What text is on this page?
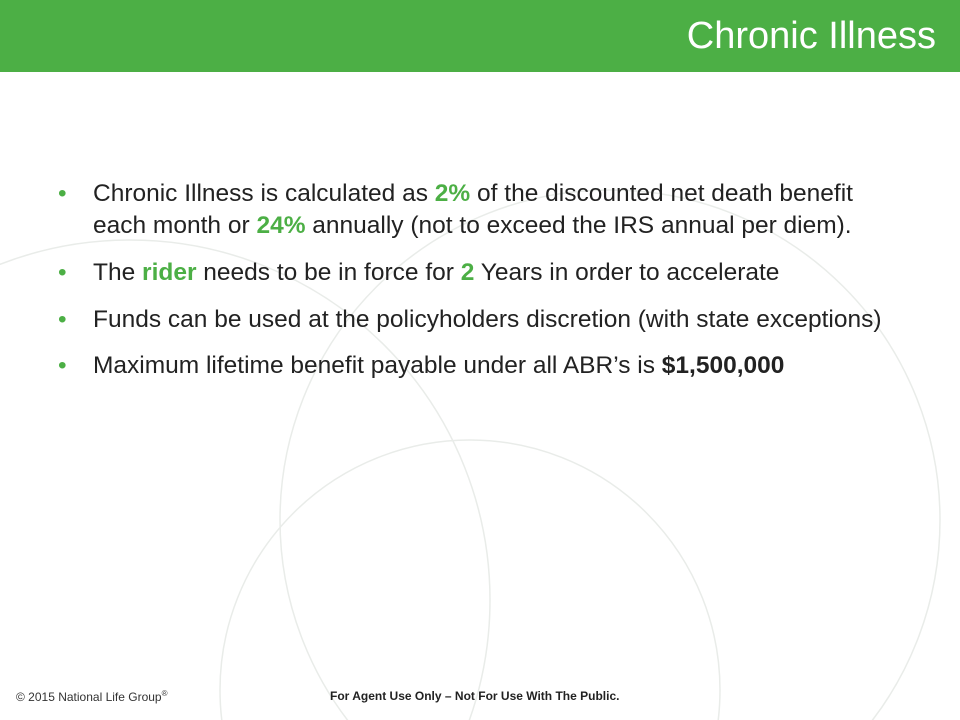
Chronic Illness
• Chronic Illness is calculated as 2% of the discounted net death benefit each month or 24% annually (not to exceed the IRS annual per diem).
• The rider needs to be in force for 2 Years in order to accelerate
• Funds can be used at the policyholders discretion (with state exceptions)
• Maximum lifetime benefit payable under all ABR’s is $1,500,000
© 2015 National Life Group®	For Agent Use Only – Not For Use With The Public.
